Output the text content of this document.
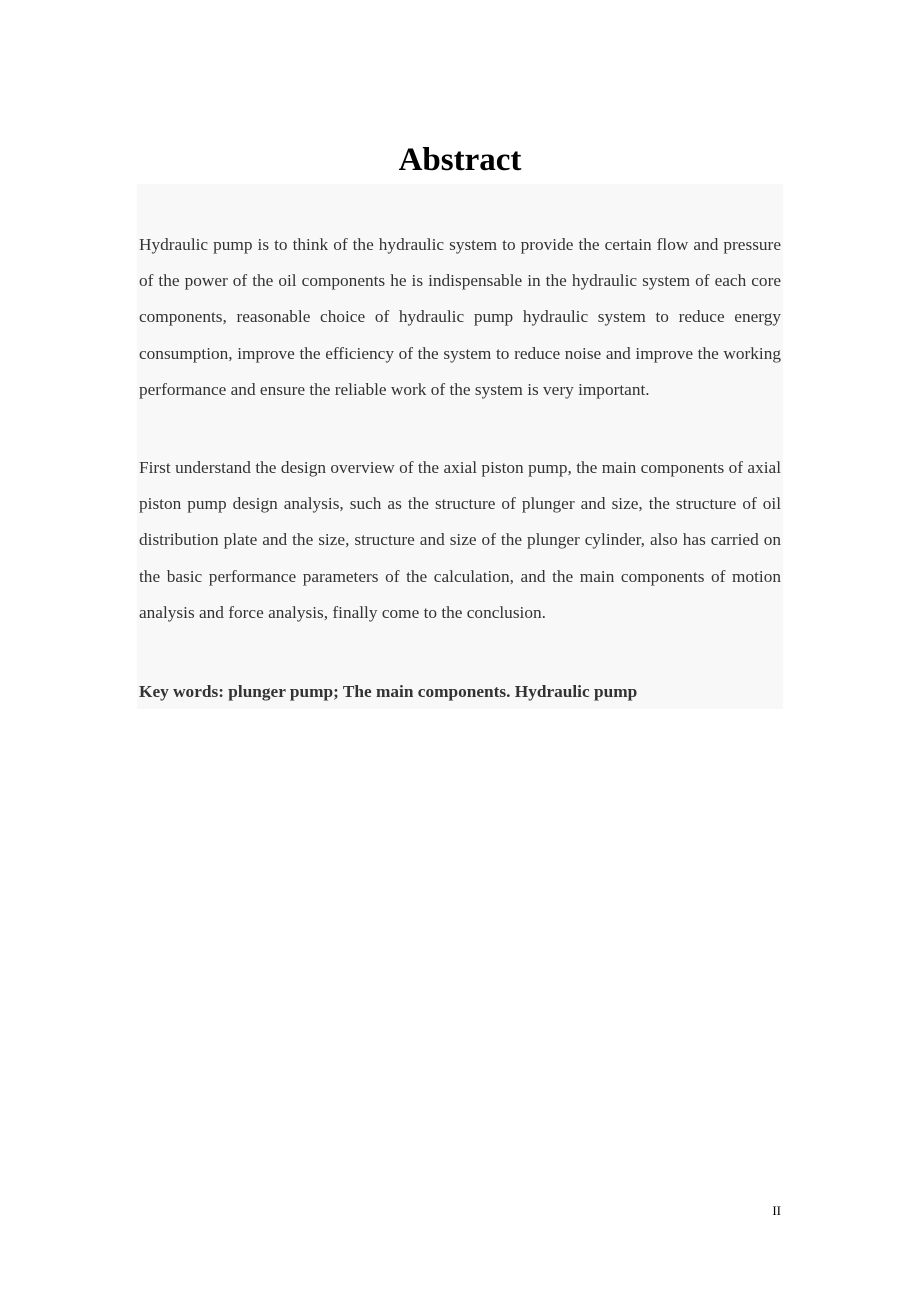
Abstract

Hydraulic pump is to think of the hydraulic system to provide the certain flow and pressure of the power of the oil components he is indispensable in the hydraulic system of each core components, reasonable choice of hydraulic pump hydraulic system to reduce energy consumption, improve the efficiency of the system to reduce noise and improve the working performance and ensure the reliable work of the system is very important.

First understand the design overview of the axial piston pump, the main components of axial piston pump design analysis, such as the structure of plunger and size, the structure of oil distribution plate and the size, structure and size of the plunger cylinder, also has carried on the basic performance parameters of the calculation, and the main components of motion analysis and force analysis, finally come to the conclusion.

Key words: plunger pump; The main components. Hydraulic pump

II
